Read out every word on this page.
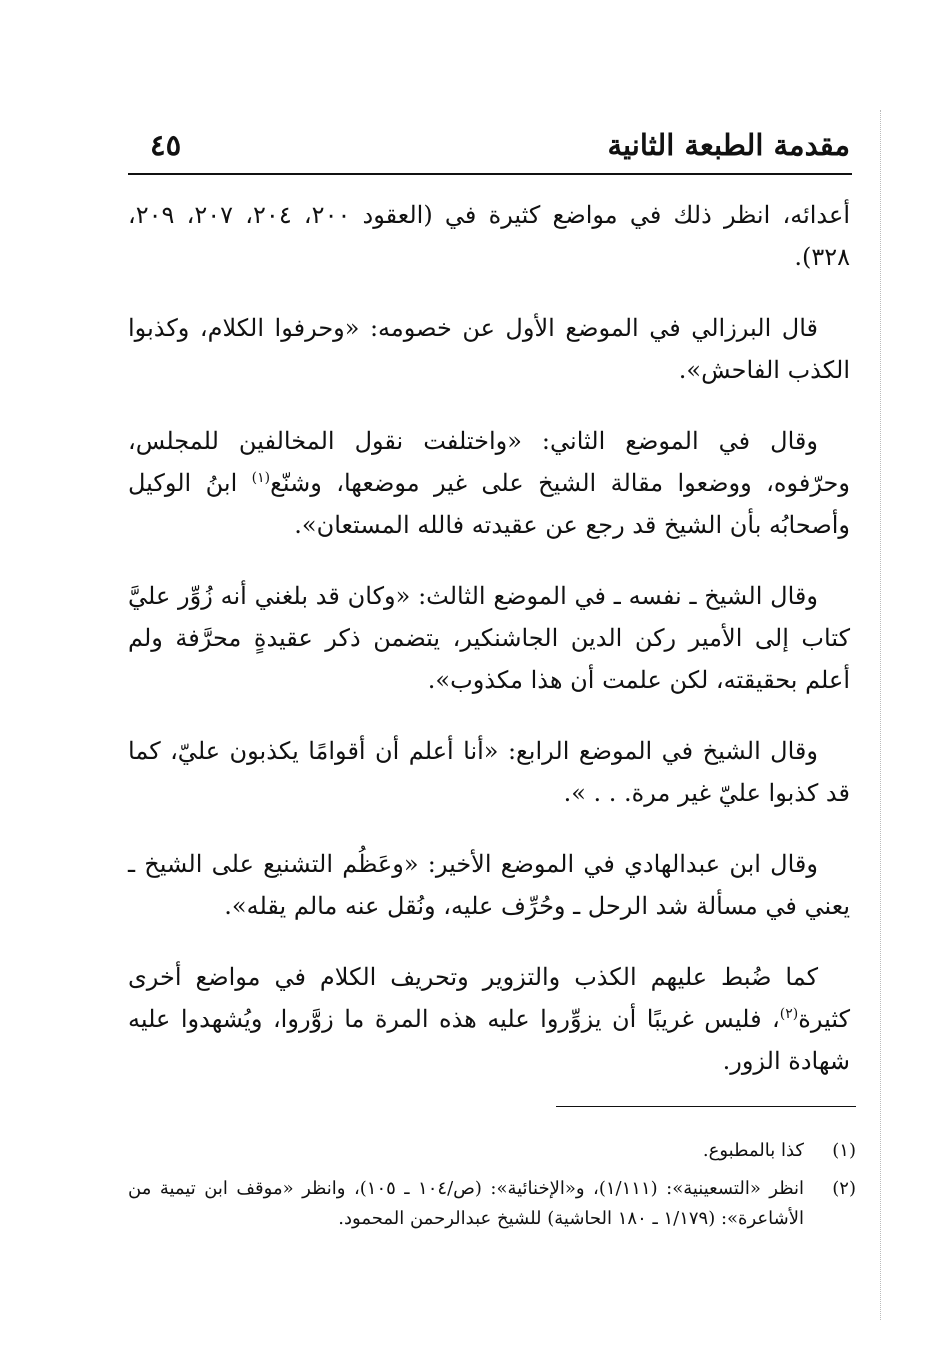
مقدمة الطبعة الثانية
٤٥

أعدائه، انظر ذلك في مواضع كثيرة في (العقود ٢٠٠، ٢٠٤، ٢٠٧، ٢٠٩، ٣٢٨).

قال البرزالي في الموضع الأول عن خصومه: «وحرفوا الكلام، وكذبوا الكذب الفاحش».

وقال في الموضع الثاني: «واختلفت نقول المخالفين للمجلس، وحرّفوه، ووضعوا مقالة الشيخ على غير موضعها، وشنّع$^{(١)}$ ابنُ الوكيل وأصحابُه بأن الشيخ قد رجع عن عقيدته فالله المستعان».

وقال الشيخ ـ نفسه ـ في الموضع الثالث: «وكان قد بلغني أنه زُوِّر عليَّ كتاب إلى الأمير ركن الدين الجاشنكير، يتضمن ذكر عقيدةٍ محرَّفة ولم أعلم بحقيقته، لكن علمت أن هذا مكذوب».

وقال الشيخ في الموضع الرابع: «أنا أعلم أن أقوامًا يكذبون عليّ، كما قد كذبوا عليّ غير مرة. . . ».

وقال ابن عبدالهادي في الموضع الأخير: «وعَظُم التشنيع على الشيخ ـ يعني في مسألة شد الرحل ـ وحُرِّف عليه، ونُقل عنه مالم يقله».

كما ضُبط عليهم الكذب والتزوير وتحريف الكلام في مواضع أخرى كثيرة$^{(٢)}$، فليس غريبًا أن يزوِّروا عليه هذه المرة ما زوَّروا، ويُشهدوا عليه شهادة الزور.

(١)
كذا بالمطبوع.

(٢)
انظر «التسعينية»: (١/١١١)، و«الإخنائية»: (ص/١٠٤ ـ ١٠٥)، وانظر «موقف ابن تيمية من الأشاعرة»: (١/١٧٩ ـ ١٨٠ الحاشية) للشيخ عبدالرحمن المحمود.
